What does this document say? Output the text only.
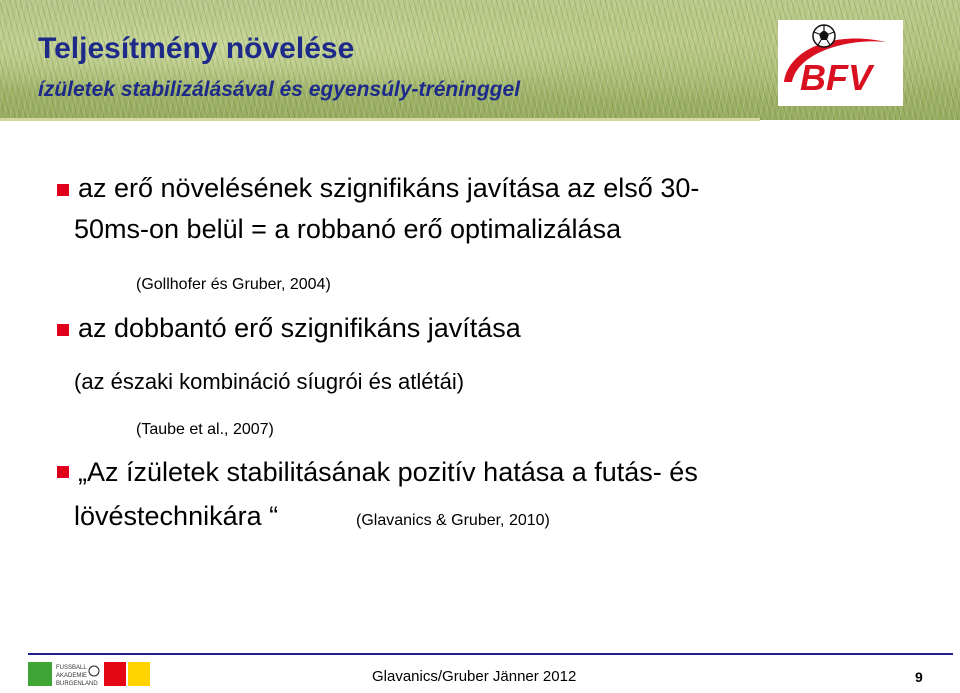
Teljesítmény növelése
ízületek stabilizálásával és egyensúly-tréninggel	BFV
az erő növelésének szignifikáns javítása az első 30-
50ms-on belül = a robbanó erő optimalizálása
(Gollhofer és Gruber, 2004)
az dobbantó erő szignifikáns javítása
(az északi kombináció síugrói és atlétái)
(Taube et al., 2007)
„Az ízületek stabilitásának pozitív hatása a futás- és
lövéstechnikára “	(Glavanics & Gruber, 2010)
FUSSBALL
AKADEMIE
BURGENLAND	Glavanics/Gruber Jänner 2012	9
